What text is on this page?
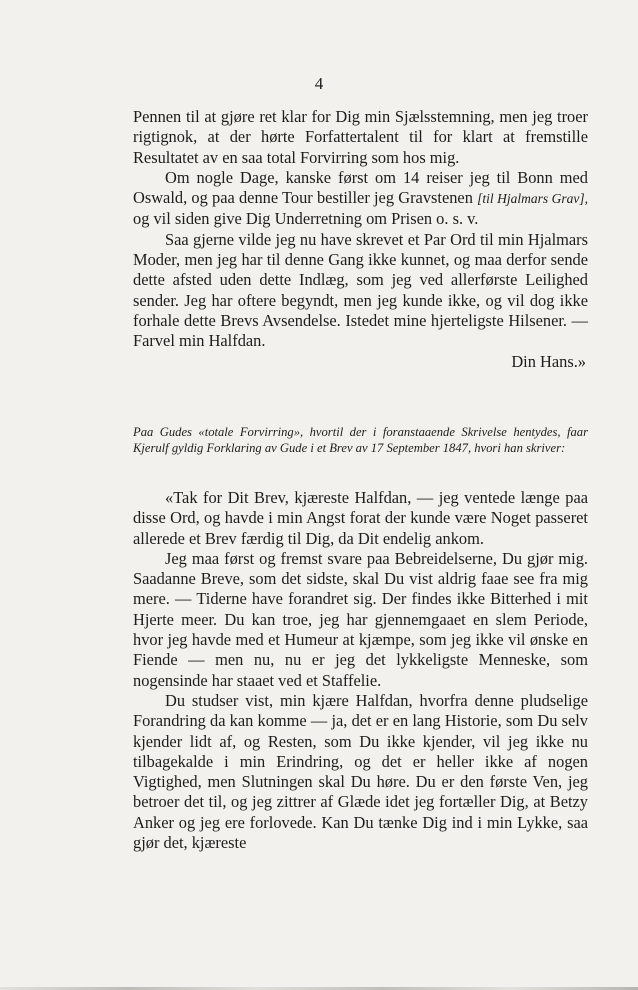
4

Pennen til at gjøre ret klar for Dig min Sjælsstemning, men jeg troer rigtignok, at der hørte Forfattertalent til for klart at fremstille Resultatet av en saa total Forvirring som hos mig.

Om nogle Dage, kanske først om 14 reiser jeg til Bonn med Oswald, og paa denne Tour bestiller jeg Gravstenen [til Hjalmars Grav], og vil siden give Dig Underretning om Prisen o. s. v.

Saa gjerne vilde jeg nu have skrevet et Par Ord til min Hjalmars Moder, men jeg har til denne Gang ikke kunnet, og maa derfor sende dette afsted uden dette Indlæg, som jeg ved allerførste Leilighed sender. Jeg har oftere begyndt, men jeg kunde ikke, og vil dog ikke forhale dette Brevs Avsendelse. Istedet mine hjerteligste Hilsener. — Farvel min Halfdan.

Din Hans.»

Paa Gudes «totale Forvirring», hvortil der i foranstaaende Skrivelse hentydes, faar Kjerulf gyldig Forklaring av Gude i et Brev av 17 September 1847, hvori han skriver:

«Tak for Dit Brev, kjæreste Halfdan, — jeg ventede længe paa disse Ord, og havde i min Angst forat der kunde være Noget passeret allerede et Brev færdig til Dig, da Dit endelig ankom.

Jeg maa først og fremst svare paa Bebreidelserne, Du gjør mig. Saadanne Breve, som det sidste, skal Du vist aldrig faae see fra mig mere. — Tiderne have forandret sig. Der findes ikke Bitterhed i mit Hjerte meer. Du kan troe, jeg har gjennemgaaet en slem Periode, hvor jeg havde med et Humeur at kjæmpe, som jeg ikke vil ønske en Fiende — men nu, nu er jeg det lykkeligste Menneske, som nogensinde har staaet ved et Staffelie.

Du studser vist, min kjære Halfdan, hvorfra denne pludselige Forandring da kan komme — ja, det er en lang Historie, som Du selv kjender lidt af, og Resten, som Du ikke kjender, vil jeg ikke nu tilbagekalde i min Erindring, og det er heller ikke af nogen Vigtighed, men Slutningen skal Du høre. Du er den første Ven, jeg betroer det til, og jeg zittrer af Glæde idet jeg fortæller Dig, at Betzy Anker og jeg ere forlovede. Kan Du tænke Dig ind i min Lykke, saa gjør det, kjæreste
